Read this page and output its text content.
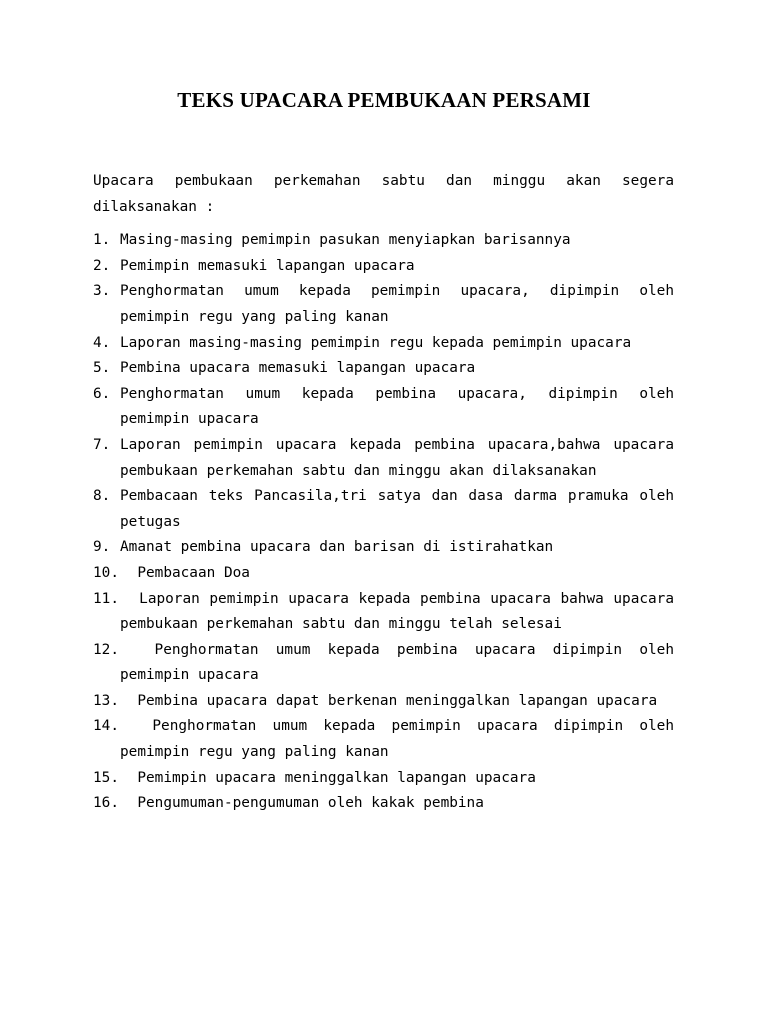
TEKS UPACARA PEMBUKAAN PERSAMI

Upacara pembukaan perkemahan sabtu dan minggu akan segera dilaksanakan :

1. Masing-masing pemimpin pasukan menyiapkan barisannya
2. Pemimpin memasuki lapangan upacara
3. Penghormatan umum kepada pemimpin upacara, dipimpin oleh pemimpin regu yang paling kanan
4. Laporan masing-masing pemimpin regu kepada pemimpin upacara
5. Pembina upacara memasuki lapangan upacara
6. Penghormatan umum kepada pembina upacara, dipimpin oleh pemimpin upacara
7. Laporan pemimpin upacara kepada pembina upacara,bahwa upacara pembukaan perkemahan sabtu dan minggu akan dilaksanakan
8. Pembacaan teks Pancasila,tri satya dan dasa darma pramuka oleh petugas
9. Amanat pembina upacara dan barisan di istirahatkan
10.	Pembacaan Doa
11.	Laporan pemimpin upacara kepada pembina upacara bahwa upacara pembukaan perkemahan sabtu dan minggu telah selesai
12.	Penghormatan umum kepada pembina upacara dipimpin oleh pemimpin upacara
13.	Pembina upacara dapat berkenan meninggalkan lapangan upacara
14.	Penghormatan umum kepada pemimpin upacara dipimpin oleh pemimpin regu yang paling kanan
15.	Pemimpin upacara meninggalkan lapangan upacara
16.	Pengumuman-pengumuman oleh kakak pembina
